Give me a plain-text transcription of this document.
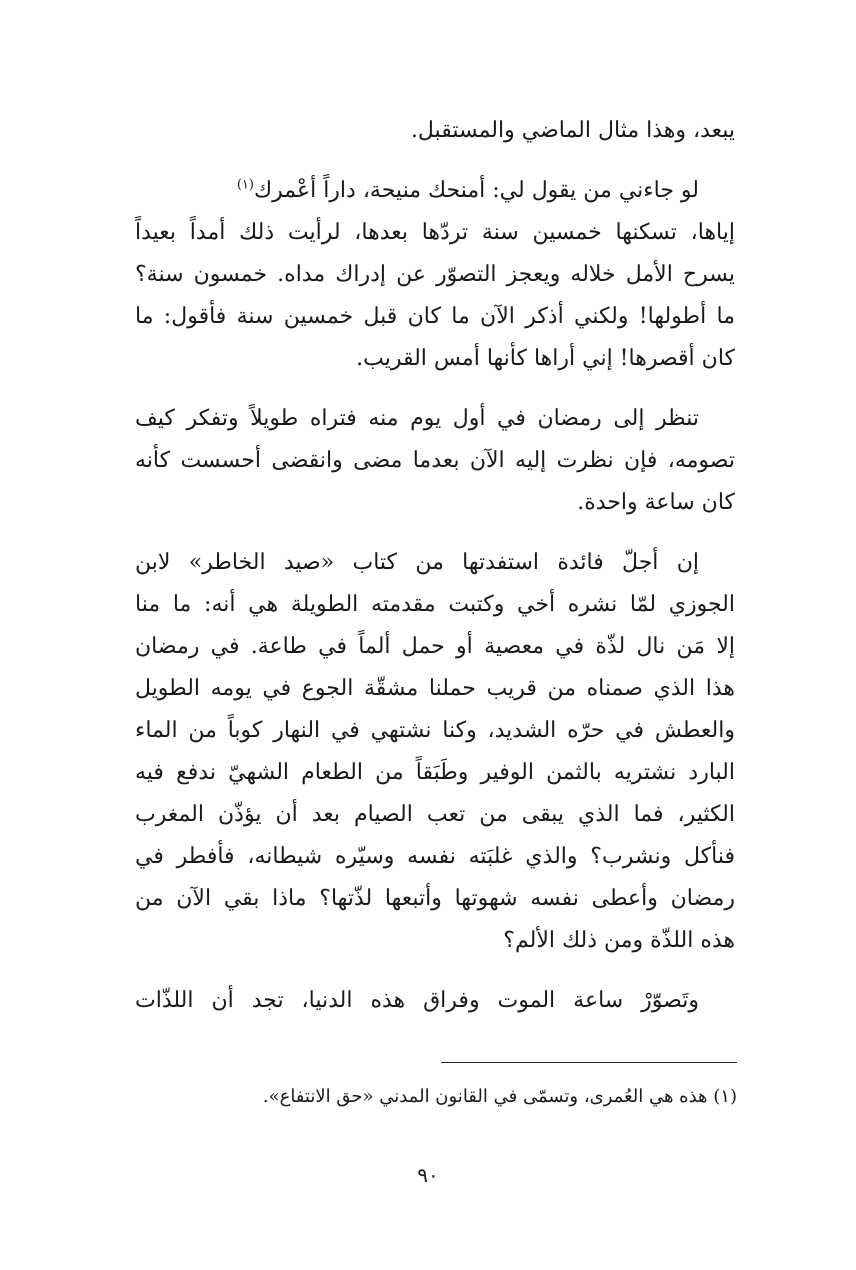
يبعد، وهذا مثال الماضي والمستقبل.
لو جاءني من يقول لي: أمنحك منيحة، داراً أعْمرك$^{(١)}$
إياها، تسكنها خمسين سنة تردّها بعدها، لرأيت ذلك أمداً بعيداً
يسرح الأمل خلاله ويعجز التصوّر عن إدراك مداه. خمسون سنة؟
ما أطولها! ولكني أذكر الآن ما كان قبل خمسين سنة فأقول: ما
كان أقصرها! إني أراها كأنها أمس القريب.
تنظر إلى رمضان في أول يوم منه فتراه طويلاً وتفكر كيف
تصومه، فإن نظرت إليه الآن بعدما مضى وانقضى أحسست كأنه
كان ساعة واحدة.
إن أجلّ فائدة استفدتها من كتاب «صيد الخاطر» لابن
الجوزي لمّا نشره أخي وكتبت مقدمته الطويلة هي أنه: ما منا
إلا مَن نال لذّة في معصية أو حمل ألماً في طاعة. في رمضان
هذا الذي صمناه من قريب حملنا مشقّة الجوع في يومه الطويل
والعطش في حرّه الشديد، وكنا نشتهي في النهار كوباً من الماء
البارد نشتريه بالثمن الوفير وطَبَقاً من الطعام الشهيّ ندفع فيه
الكثير، فما الذي يبقى من تعب الصيام بعد أن يؤذّن المغرب
فنأكل ونشرب؟ والذي غلبَته نفسه وسيّره شيطانه، فأفطر في
رمضان وأعطى نفسه شهوتها وأتبعها لذّتها؟ ماذا بقي الآن من
هذه اللذّة ومن ذلك الألم؟
وتَصوّرْ ساعة الموت وفراق هذه الدنيا، تجد أن اللذّات
(١) هذه هي العُمرى، وتسمّى في القانون المدني «حق الانتفاع».
٩٠
